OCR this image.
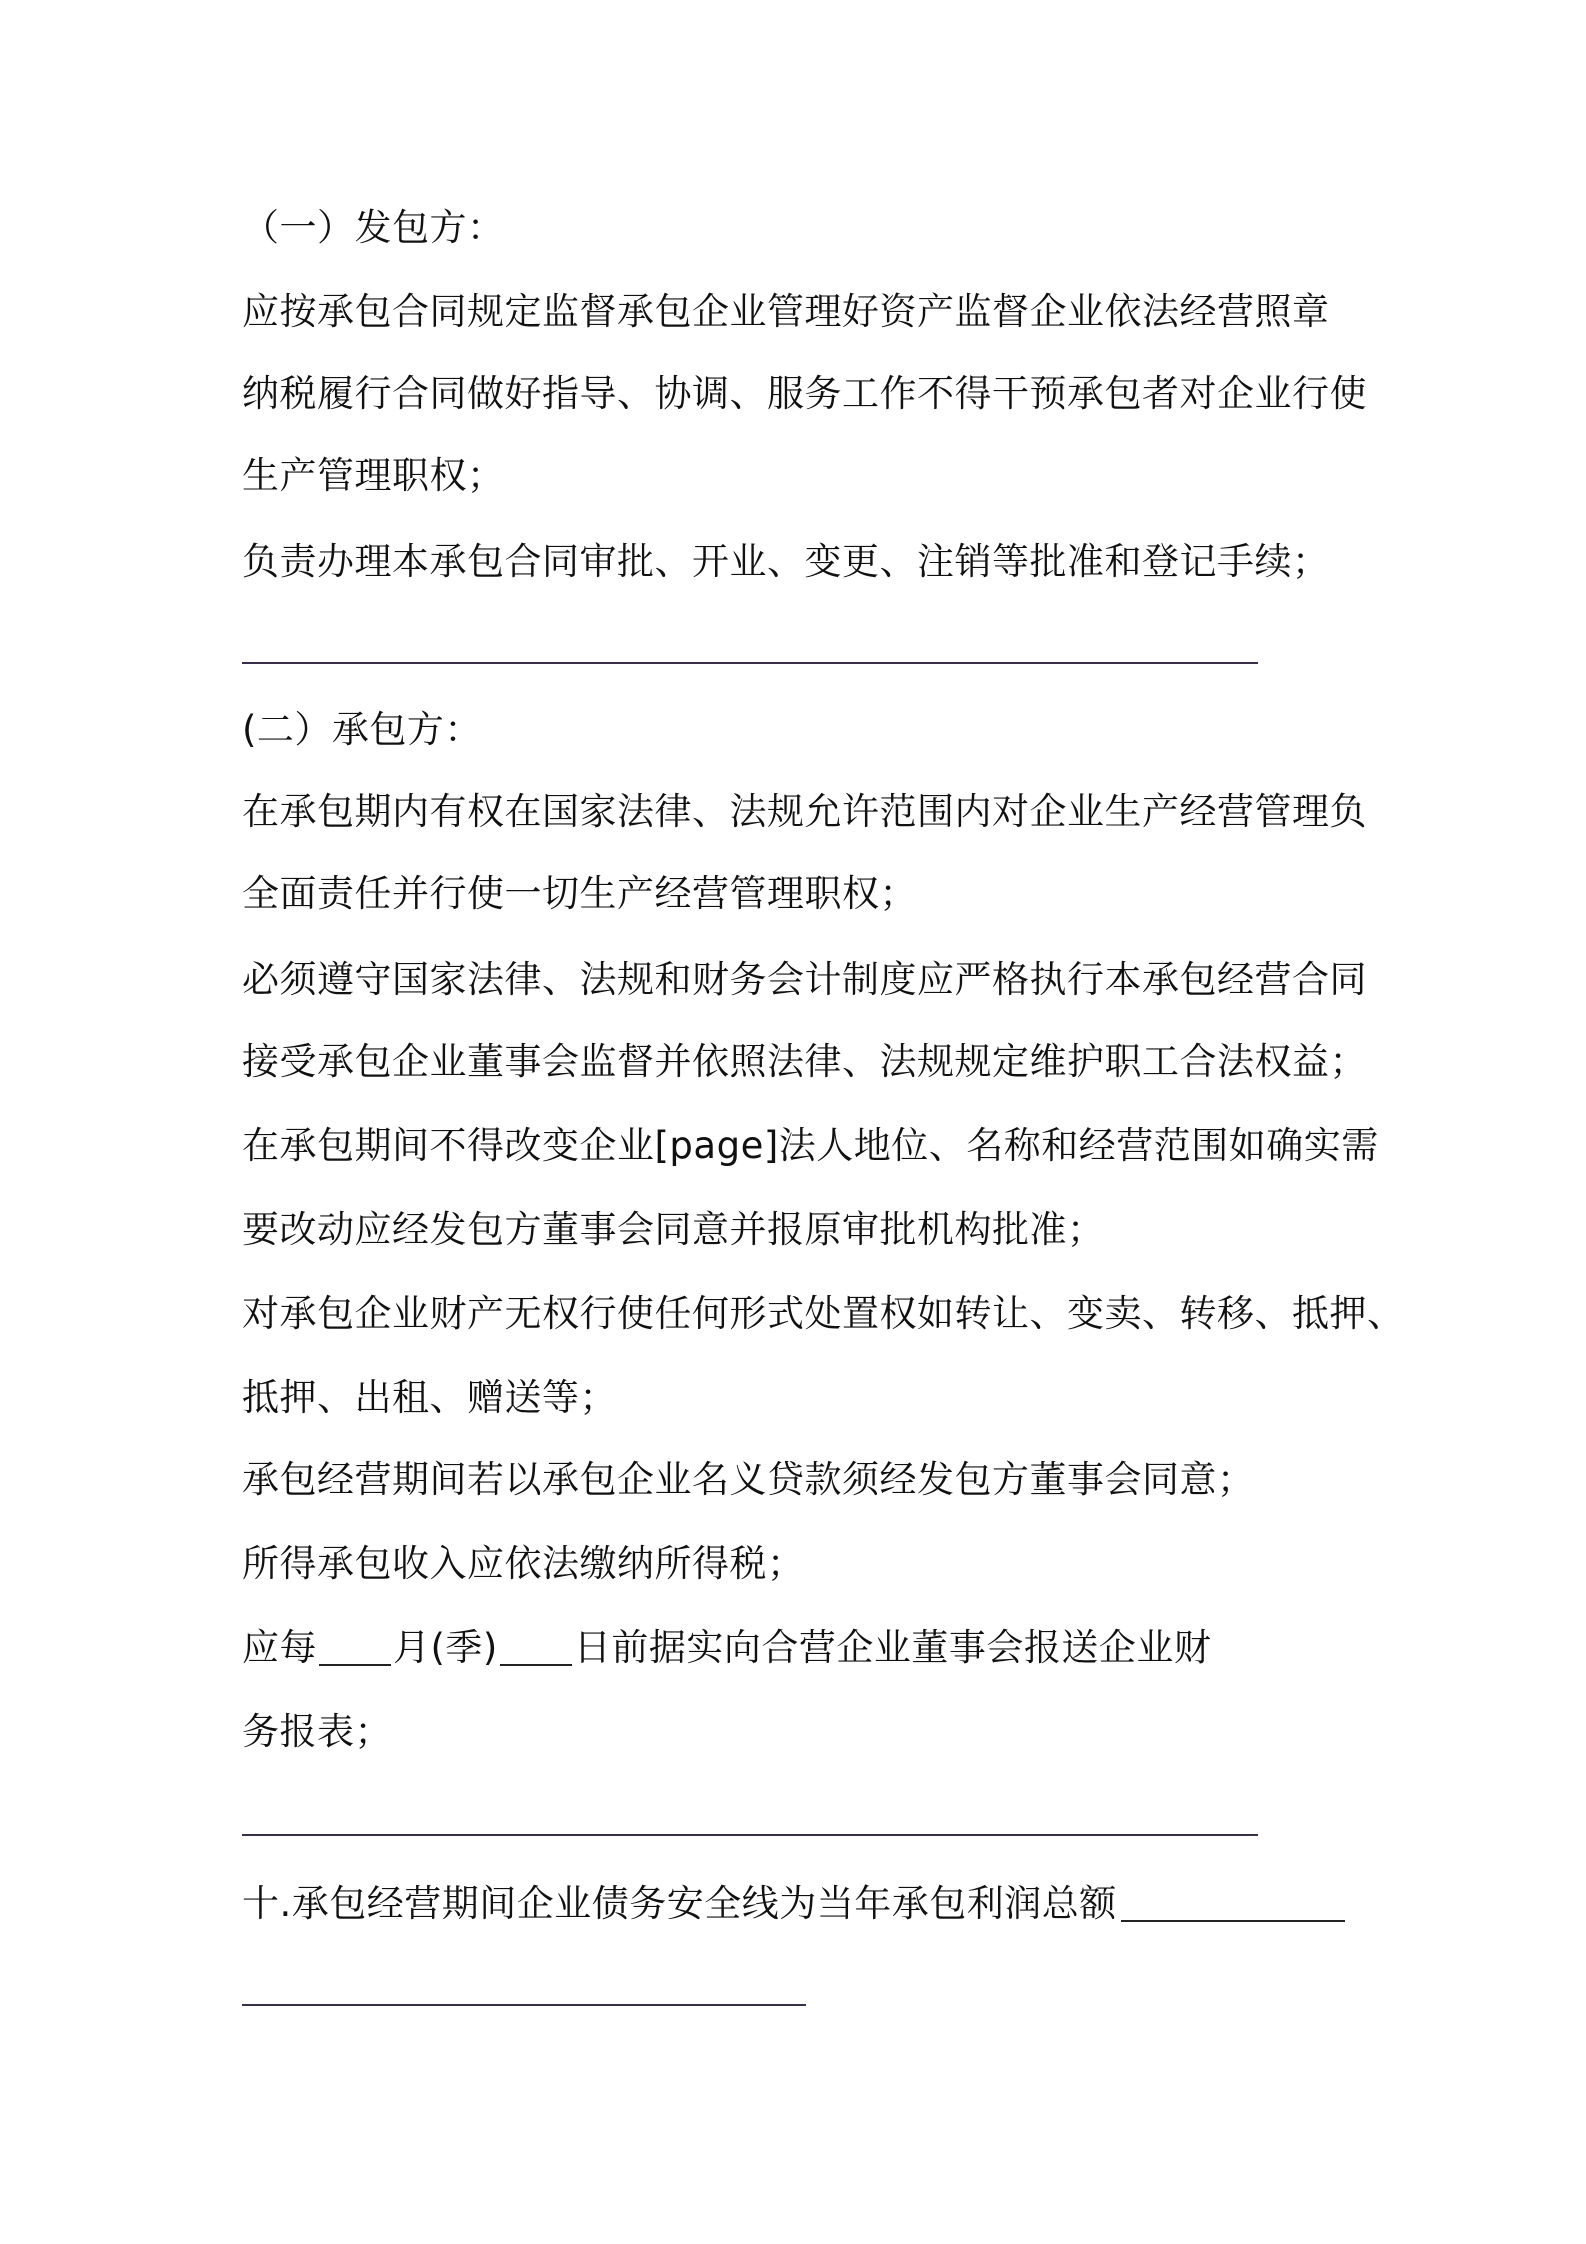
（一）发包方：
应按承包合同规定监督承包企业管理好资产监督企业依法经营照章
纳税履行合同做好指导、协调、服务工作不得干预承包者对企业行使
生产管理职权；
负责办理本承包合同审批、开业、变更、注销等批准和登记手续；
(二）承包方：
在承包期内有权在国家法律、法规允许范围内对企业生产经营管理负
全面责任并行使一切生产经营管理职权；
必须遵守国家法律、法规和财务会计制度应严格执行本承包经营合同
接受承包企业董事会监督并依照法律、法规规定维护职工合法权益；
在承包期间不得改变企业[page]法人地位、名称和经营范围如确实需
要改动应经发包方董事会同意并报原审批机构批准；
对承包企业财产无权行使任何形式处置权如转让、变卖、转移、抵押、
抵押、出租、赠送等；
承包经营期间若以承包企业名义贷款须经发包方董事会同意；
所得承包收入应依法缴纳所得税；
应每 月(季) 日前据实向合营企业董事会报送企业财
务报表；
十.承包经营期间企业债务安全线为当年承包利润总额
